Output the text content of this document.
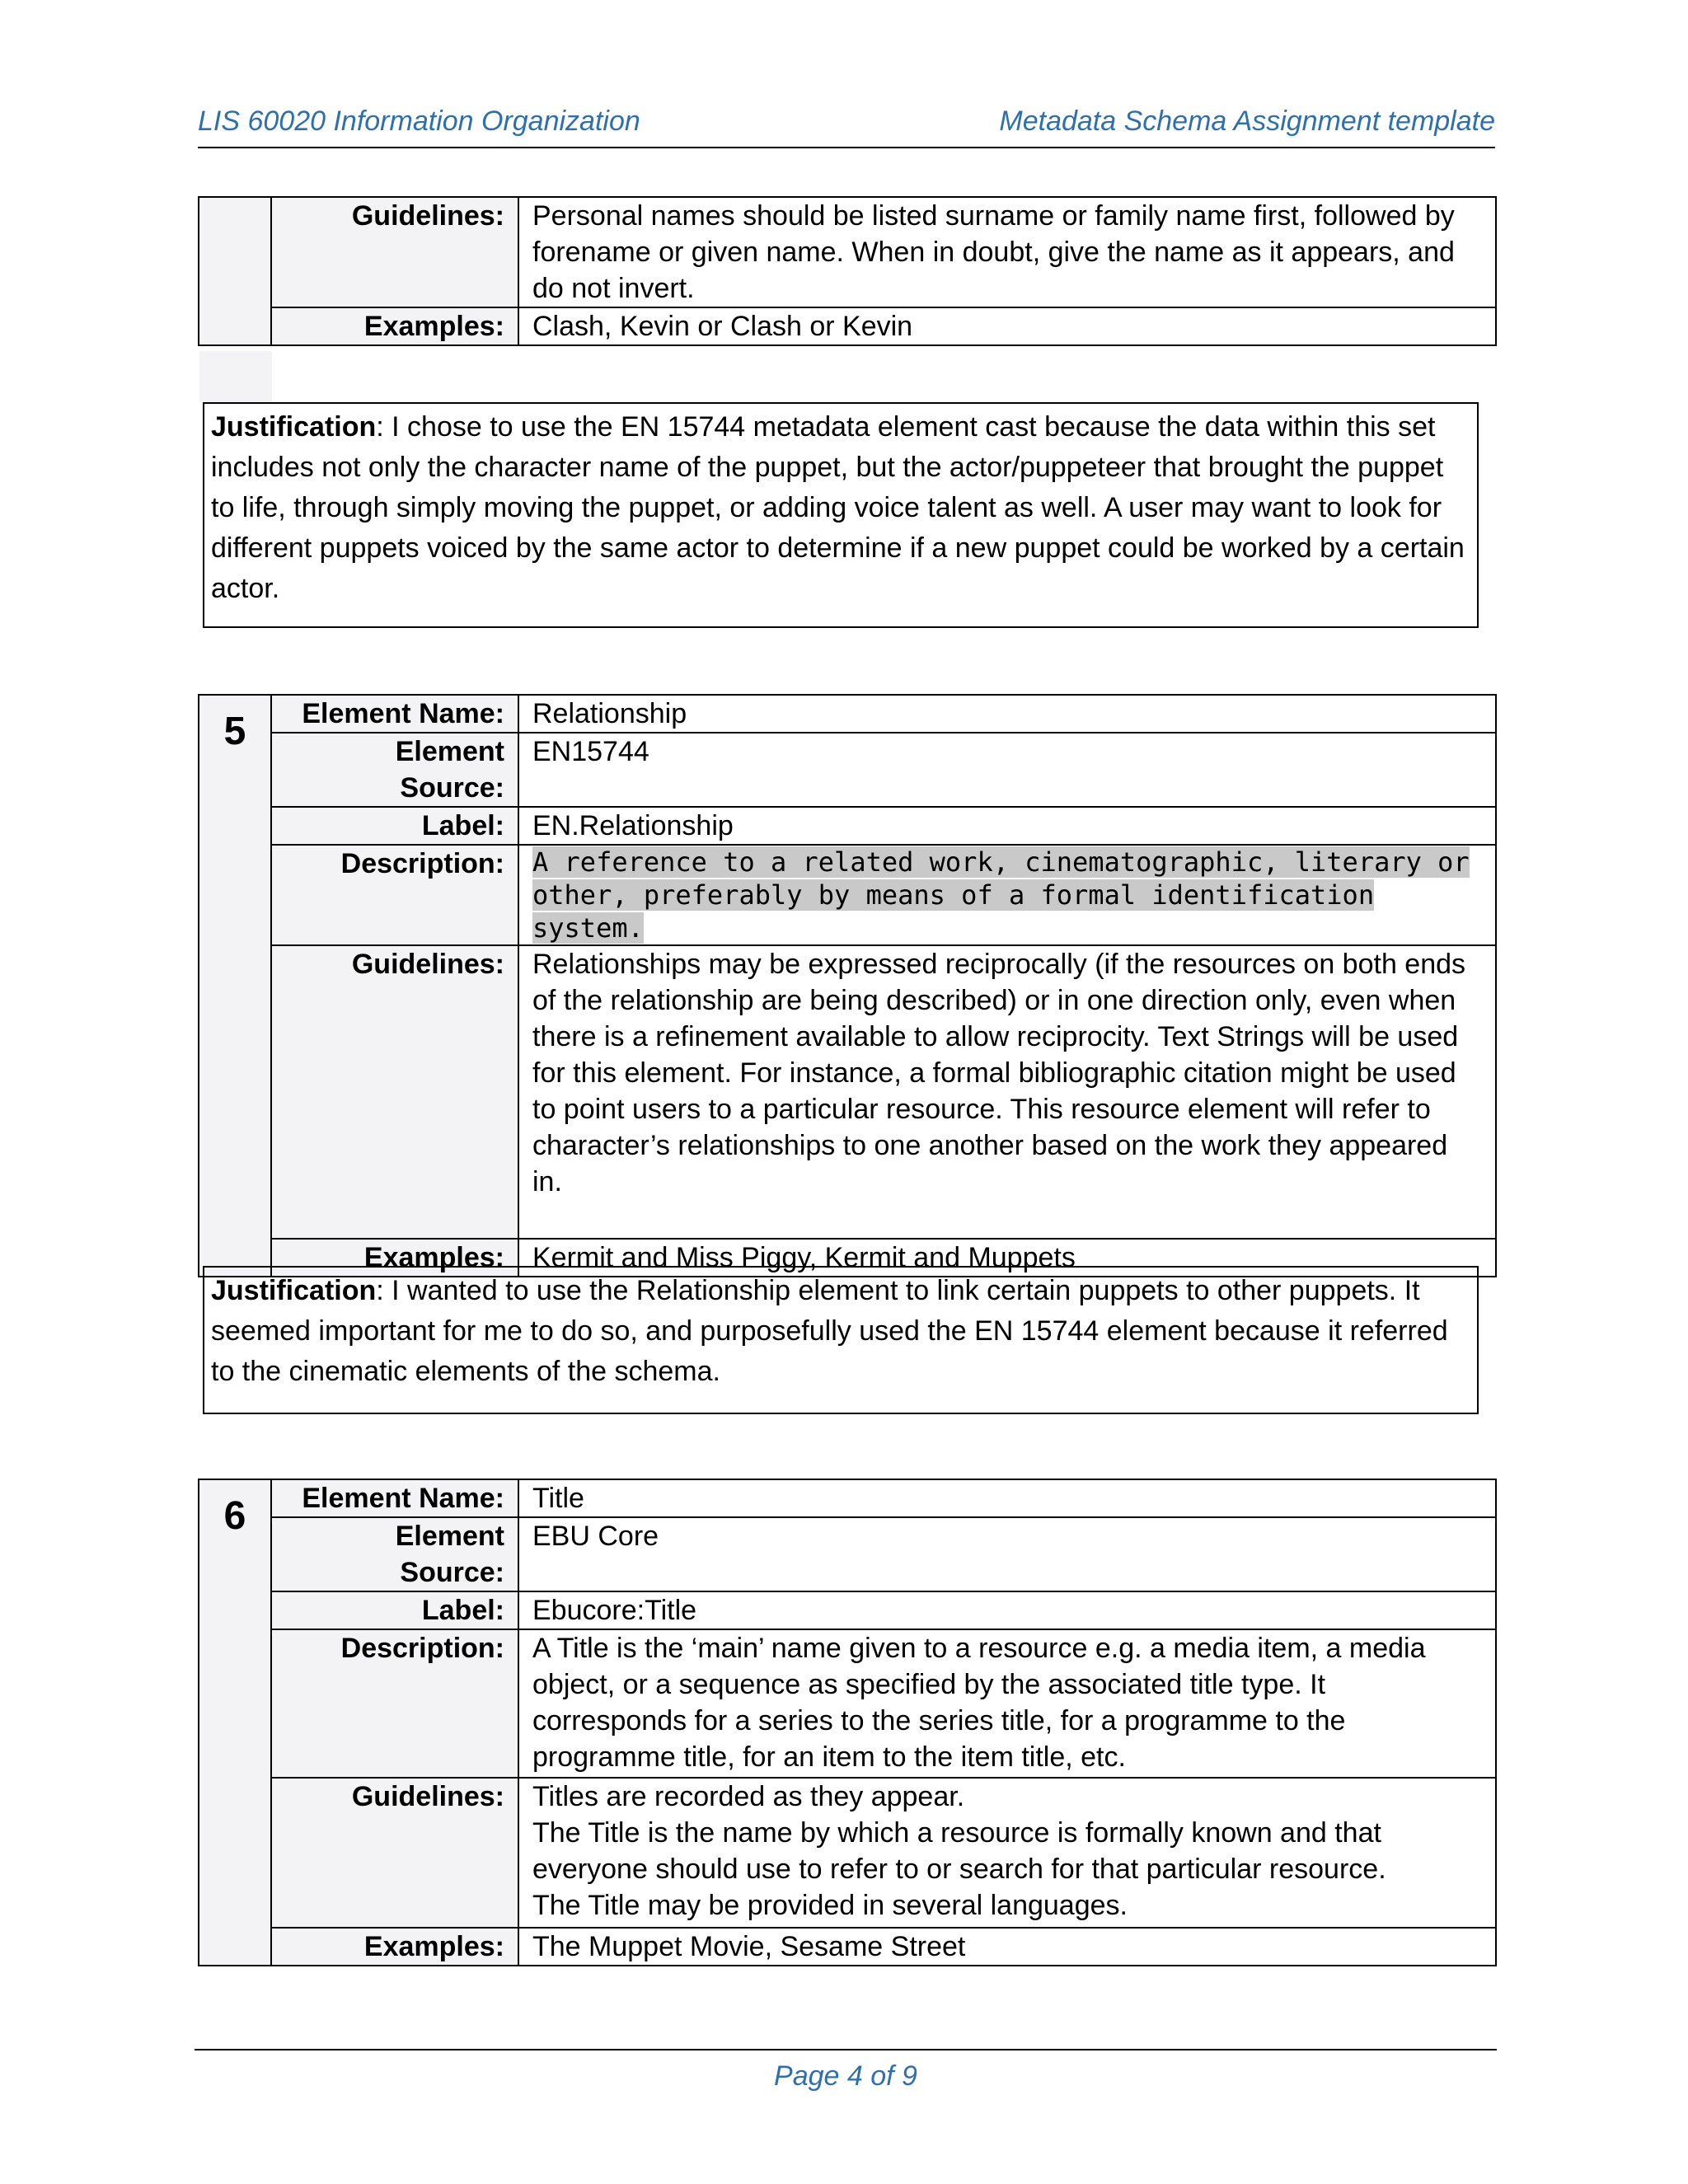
LIS 60020 Information Organization	Metadata Schema Assignment template
	Guidelines:	Personal names should be listed surname or family name first, followed by forename or given name. When in doubt, give the name as it appears, and do not invert.
	Examples:	Clash, Kevin or Clash or Kevin
Justification: I chose to use the EN 15744 metadata element cast because the data within this set includes not only the character name of the puppet, but the actor/puppeteer that brought the puppet to life, through simply moving the puppet, or adding voice talent as well. A user may want to look for different puppets voiced by the same actor to determine if a new puppet could be worked by a certain actor.
5	Element Name:	Relationship
	Element Source:	EN15744
	Label:	EN.Relationship
	Description:	A reference to a related work, cinematographic, literary or other, preferably by means of a formal identification system.
	Guidelines:	Relationships may be expressed reciprocally (if the resources on both ends of the relationship are being described) or in one direction only, even when there is a refinement available to allow reciprocity. Text Strings will be used for this element. For instance, a formal bibliographic citation might be used to point users to a particular resource. This resource element will refer to character’s relationships to one another based on the work they appeared in.
	Examples:	Kermit and Miss Piggy, Kermit and Muppets
Justification: I wanted to use the Relationship element to link certain puppets to other puppets. It seemed important for me to do so, and purposefully used the EN 15744 element because it referred to the cinematic elements of the schema.
6	Element Name:	Title
	Element Source:	EBU Core
	Label:	Ebucore:Title
	Description:	A Title is the ‘main’ name given to a resource e.g. a media item, a media object, or a sequence as specified by the associated title type. It corresponds for a series to the series title, for a programme to the programme title, for an item to the item title, etc.
	Guidelines:	Titles are recorded as they appear.
The Title is the name by which a resource is formally known and that everyone should use to refer to or search for that particular resource.
The Title may be provided in several languages.

	Examples:	The Muppet Movie, Sesame Street
Page 4 of 9
